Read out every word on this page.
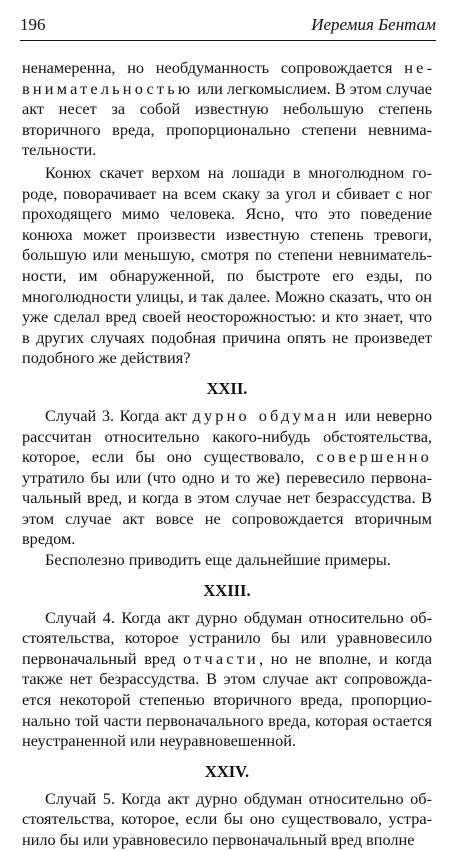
196	Иеремия Бентам

ненамеренна, но необдуманность сопровождается невнимательностью или легкомыслием. В этом случае акт несет за собой известную небольшую степень вторичного вреда, пропорционально степени невнимательности.

Конюх скачет верхом на лошади в многолюдном городе, поворачивает на всем скаку за угол и сбивает с ног проходящего мимо человека. Ясно, что это поведение конюха может произвести известную степень тревоги, большую или меньшую, смотря по степени невнимательности, им обнаруженной, по быстроте его езды, по многолюдности улицы, и так далее. Можно сказать, что он уже сделал вред своей неосторожностью: и кто знает, что в других случаях подобная причина опять не произведет подобного же действия?

XXII.

Случай 3. Когда акт дурно обдуман или неверно рассчитан относительно какого-нибудь обстоятельства, которое, если бы оно существовало, совершенно утратило бы или (что одно и то же) перевесило первоначальный вред, и когда в этом случае нет безрассудства. В этом случае акт вовсе не сопровождается вторичным вредом.

Бесполезно приводить еще дальнейшие примеры.

XXIII.

Случай 4. Когда акт дурно обдуман относительно обстоятельства, которое устранило бы или уравновесило первоначальный вред отчасти, но не вполне, и когда также нет безрассудства. В этом случае акт сопровождается некоторой степенью вторичного вреда, пропорционально той части первоначального вреда, которая остается неустраненной или неуравновешенной.

XXIV.

Случай 5. Когда акт дурно обдуман относительно обстоятельства, которое, если бы оно существовало, устранило бы или уравновесило первоначальный вред вполне
